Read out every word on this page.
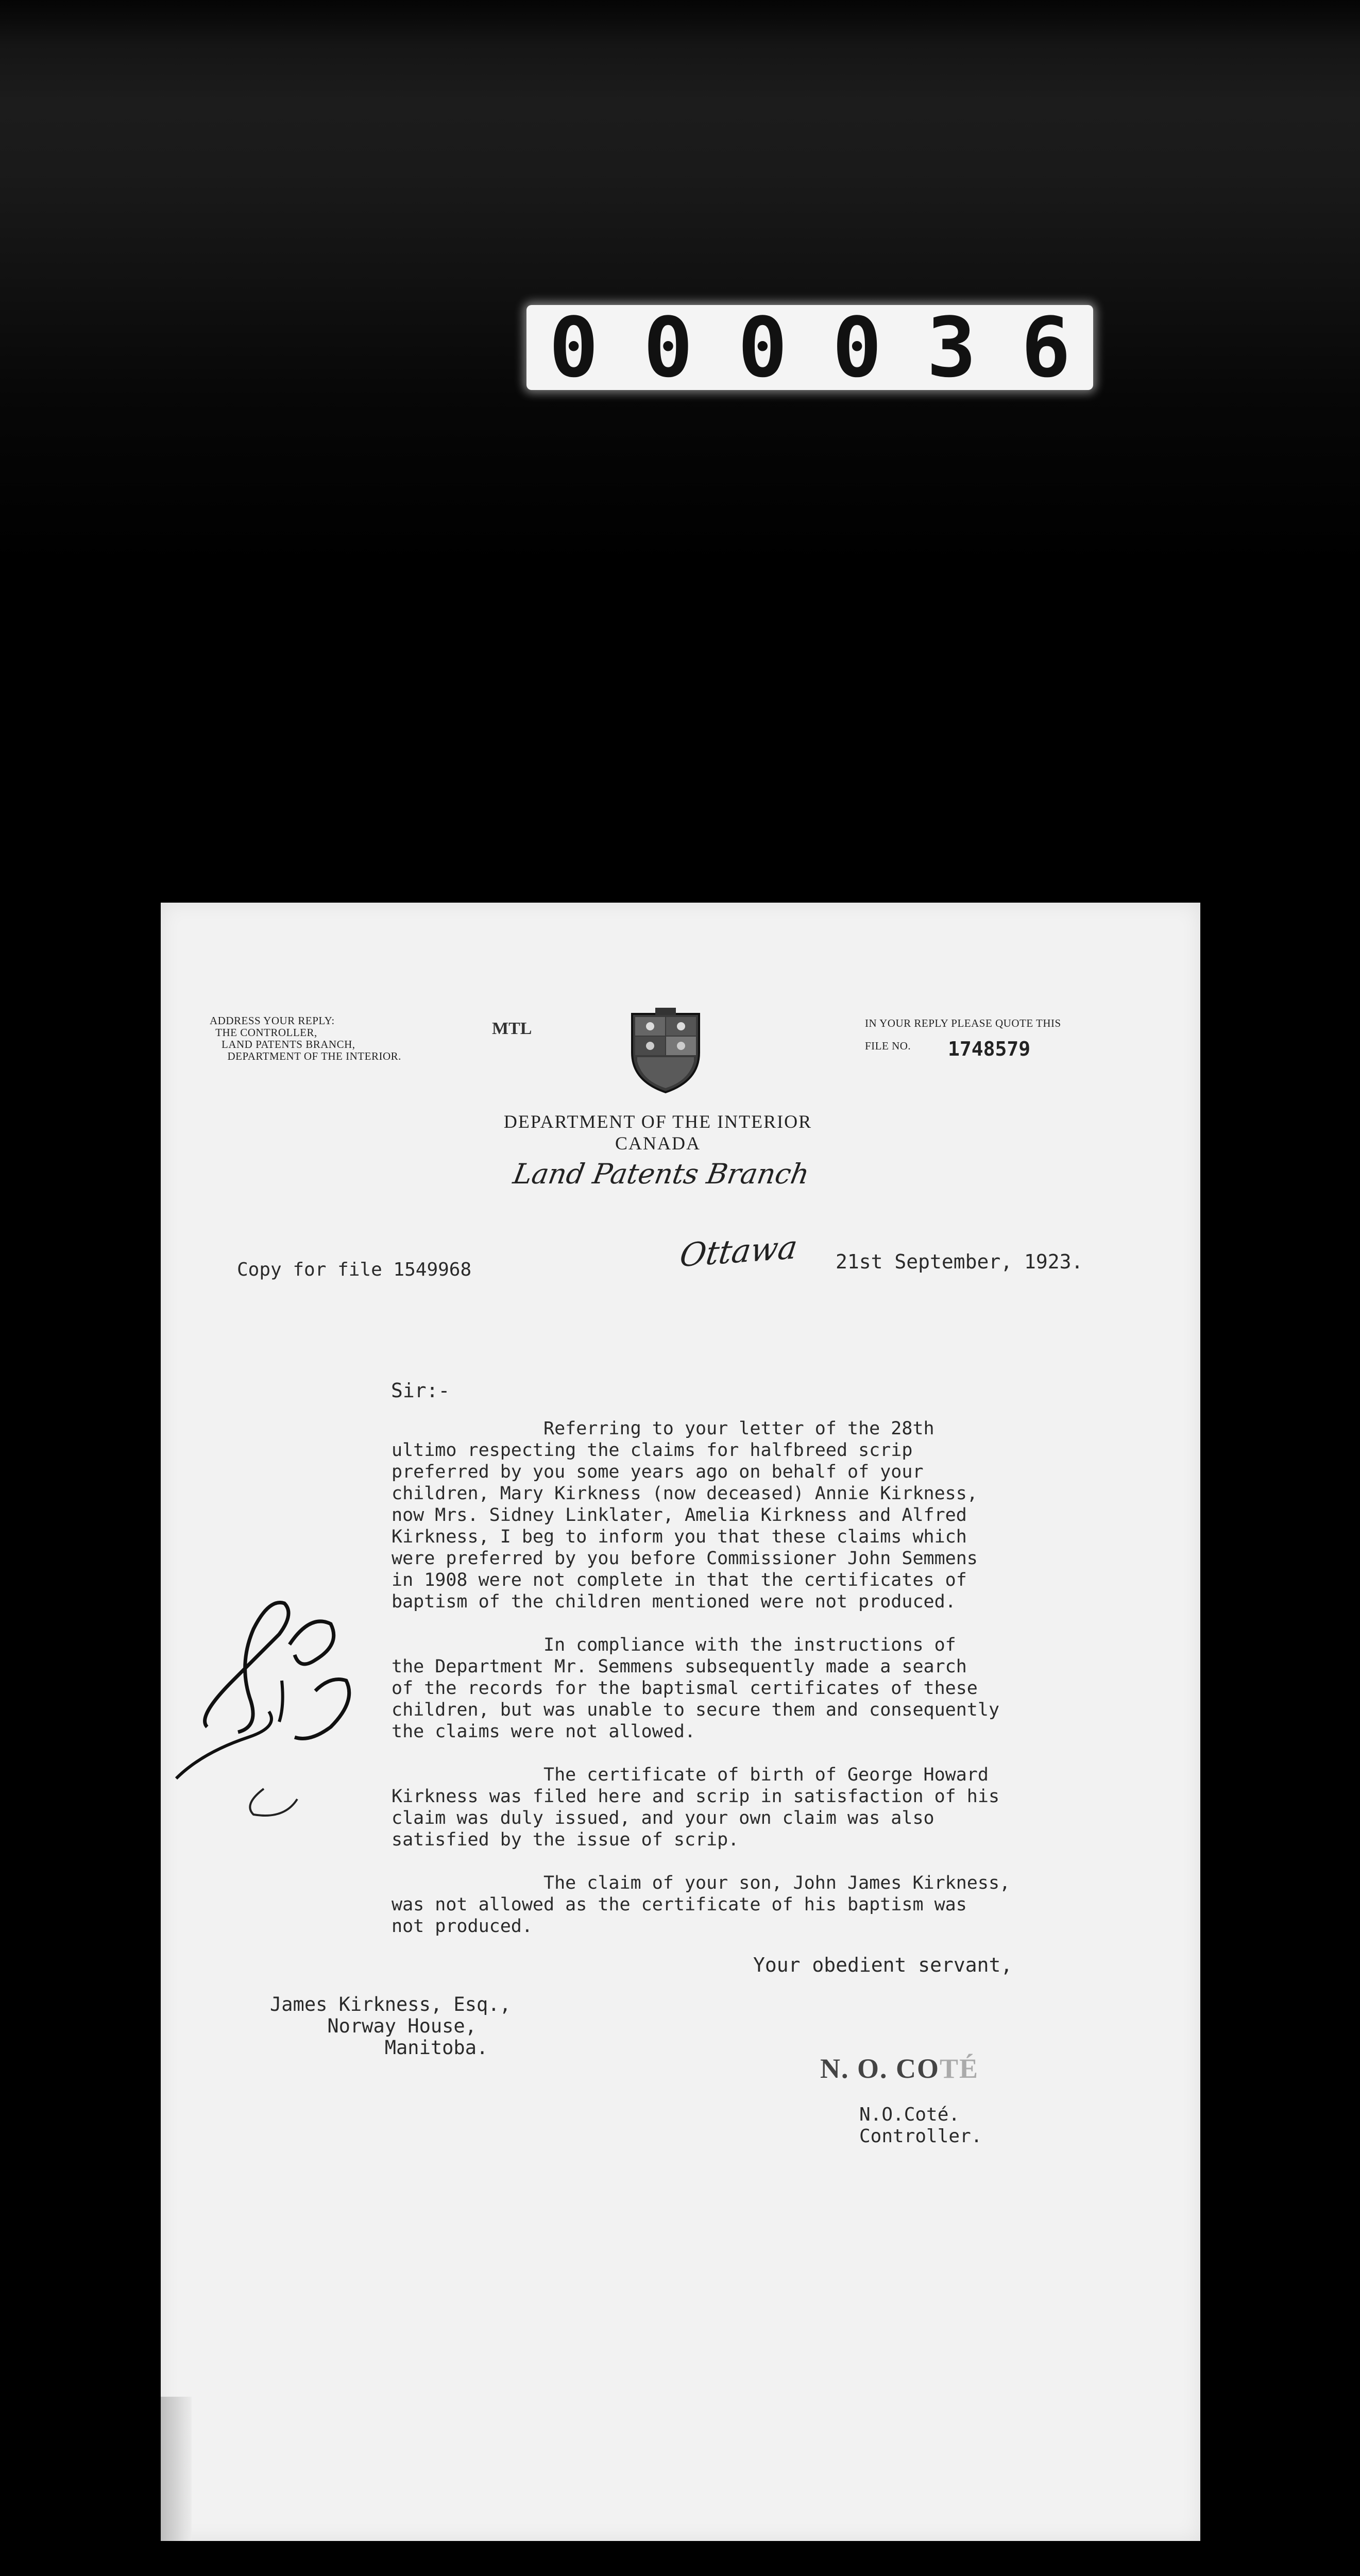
0 0 0 0 3 6
ADDRESS YOUR REPLY:
THE CONTROLLER,
LAND PATENTS BRANCH,
DEPARTMENT OF THE INTERIOR.
MTL	IN YOUR REPLY PLEASE QUOTE THIS
FILE NO.	1748579
DEPARTMENT OF THE INTERIOR
CANADA
Land Patents Branch
Copy for file 1549968	Ottawa 21st September, 1923.
Sir:-
Referring to your letter of the 28th
ultimo respecting the claims for halfbreed scrip
preferred by you some years ago on behalf of your
children, Mary Kirkness (now deceased) Annie Kirkness,
now Mrs. Sidney Linklater, Amelia Kirkness and Alfred
Kirkness, I beg to inform you that these claims which
were preferred by you before Commissioner John Semmens
in 1908 were not complete in that the certificates of
baptism of the children mentioned were not produced.

In compliance with the instructions of
the Department Mr. Semmens subsequently made a search
of the records for the baptismal certificates of these
children, but was unable to secure them and consequently
the claims were not allowed.

The certificate of birth of George Howard
Kirkness was filed here and scrip in satisfaction of his
claim was duly issued, and your own claim was also
satisfied by the issue of scrip.

The claim of your son, John James Kirkness,
was not allowed as the certificate of his baptism was
not produced.
Your obedient servant,
James Kirkness, Esq.,
Norway House,
Manitoba.
N. O. COTÉ
N.O.Coté.
Controller.
